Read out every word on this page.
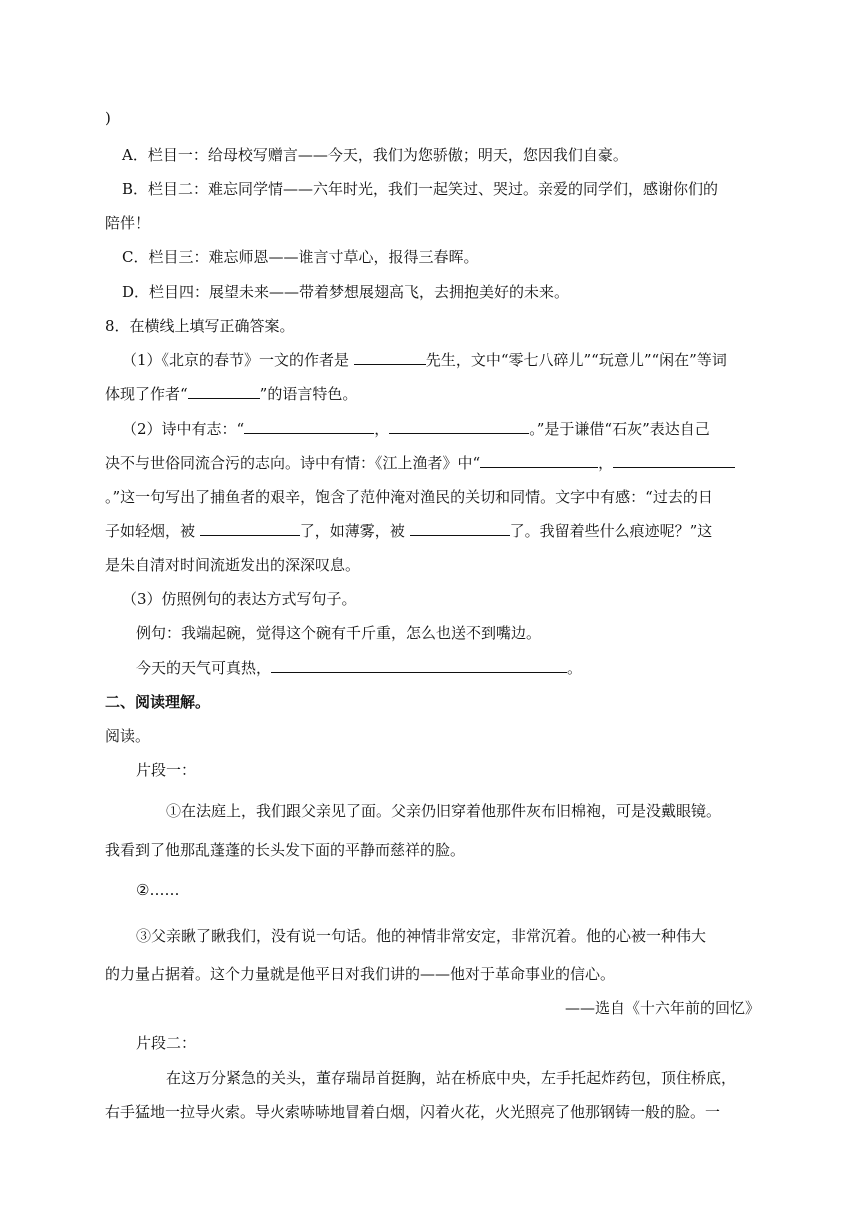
)
A．栏目一：给母校写赠言——今天，我们为您骄傲；明天，您因我们自豪。
B．栏目二：难忘同学情——六年时光，我们一起笑过、哭过。亲爱的同学们，感谢你们的
陪伴！
C．栏目三：难忘师恩——谁言寸草心，报得三春晖。
D．栏目四：展望未来——带着梦想展翅高飞，去拥抱美好的未来。
8．在横线上填写正确答案。
（1）《北京的春节》一文的作者是	先生，文中“零七八碎儿”“玩意儿”“闲在”等词
体现了作者“	”的语言特色。
（2）诗中有志：“	，	。”是于谦借“石灰”表达自己
决不与世俗同流合污的志向。诗中有情：《江上渔者》中“	，
。”这一句写出了捕鱼者的艰辛，饱含了范仲淹对渔民的关切和同情。文字中有感：“过去的日
子如轻烟，被	了，如薄雾，被	了。我留着些什么痕迹呢？”这
是朱自清对时间流逝发出的深深叹息。
（3）仿照例句的表达方式写句子。
例句：我端起碗，觉得这个碗有千斤重，怎么也送不到嘴边。
今天的天气可真热，	。
二、阅读理解。
阅读。
片段一：
①在法庭上，我们跟父亲见了面。父亲仍旧穿着他那件灰布旧棉袍，可是没戴眼镜。
我看到了他那乱蓬蓬的长头发下面的平静而慈祥的脸。
②……
③父亲瞅了瞅我们，没有说一句话。他的神情非常安定，非常沉着。他的心被一种伟大
的力量占据着。这个力量就是他平日对我们讲的——他对于革命事业的信心。
——选自《十六年前的回忆》
片段二：
在这万分紧急的关头，董存瑞昂首挺胸，站在桥底中央，左手托起炸药包，顶住桥底，
右手猛地一拉导火索。导火索哧哧地冒着白烟，闪着火花，火光照亮了他那钢铸一般的脸。一
